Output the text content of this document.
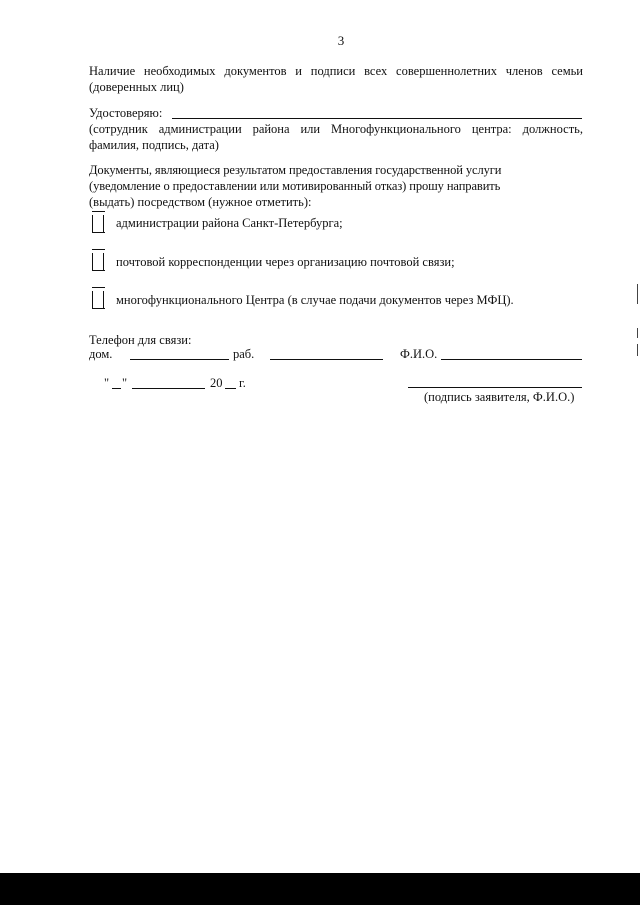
3
Наличие необходимых документов и подписи всех совершеннолетних членов семьи
(доверенных лиц)
Удостоверяю:
(сотрудник администрации района или Многофункционального центра: должность,
фамилия, подпись, дата)
Документы, являющиеся результатом предоставления государственной услуги
(уведомление о предоставлении или мотивированный отказ) прошу направить
(выдать) посредством (нужное отметить):
администрации района Санкт-Петербурга;
почтовой корреспонденции через организацию почтовой связи;
многофункционального Центра (в случае подачи документов через МФЦ).
Телефон для связи:
дом.	раб.	Ф.И.О.
" "	20 г.
(подпись заявителя, Ф.И.О.)
